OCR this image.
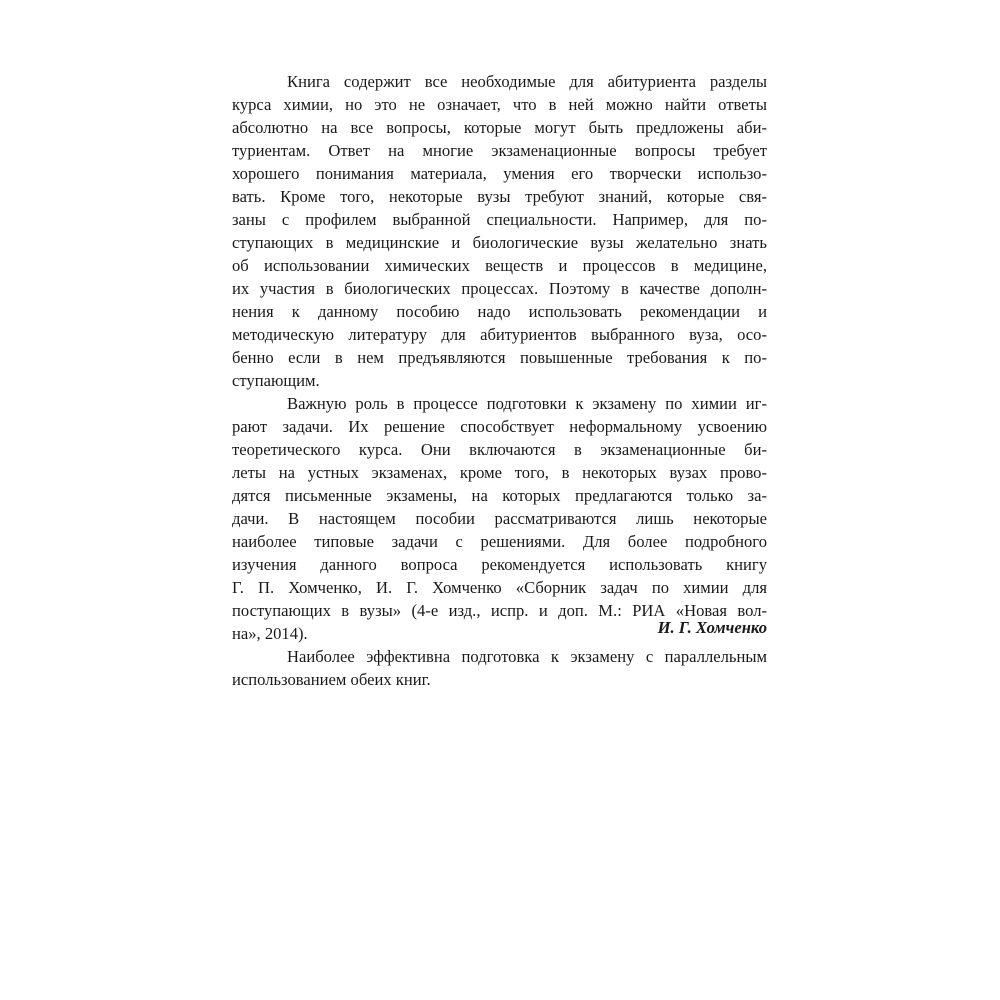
Книга содержит все необходимые для абитуриента разделы
курса химии, но это не означает, что в ней можно найти ответы
абсолютно на все вопросы, которые могут быть предложены аби-
туриентам. Ответ на многие экзаменационные вопросы требует
хорошего понимания материала, умения его творчески использо-
вать. Кроме того, некоторые вузы требуют знаний, которые свя-
заны с профилем выбранной специальности. Например, для по-
ступающих в медицинские и биологические вузы желательно знать
об использовании химических веществ и процессов в медицине,
их участия в биологических процессах. Поэтому в качестве дополн-
нения к данному пособию надо использовать рекомендации и
методическую литературу для абитуриентов выбранного вуза, осо-
бенно если в нем предъявляются повышенные требования к по-
ступающим.
Важную роль в процессе подготовки к экзамену по химии иг-
рают задачи. Их решение способствует неформальному усвоению
теоретического курса. Они включаются в экзаменационные би-
леты на устных экзаменах, кроме того, в некоторых вузах прово-
дятся письменные экзамены, на которых предлагаются только за-
дачи. В настоящем пособии рассматриваются лишь некоторые
наиболее типовые задачи с решениями. Для более подробного
изучения данного вопроса рекомендуется использовать книгу
Г. П. Хомченко, И. Г. Хомченко «Сборник задач по химии для
поступающих в вузы» (4-е изд., испр. и доп. М.: РИА «Новая вол-
на», 2014).
Наиболее эффективна подготовка к экзамену с параллельным
использованием обеих книг.
И. Г. Хомченко
